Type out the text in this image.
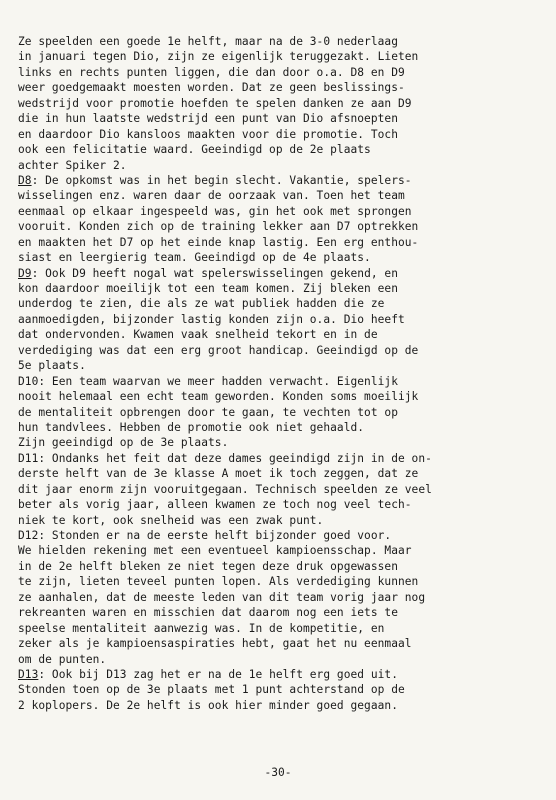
Ze speelden een goede 1e helft, maar na de 3-0 nederlaag
in januari tegen Dio, zijn ze eigenlijk teruggezakt. Lieten
links en rechts punten liggen, die dan door o.a. D8 en D9
weer goedgemaakt moesten worden. Dat ze geen beslissings-
wedstrijd voor promotie hoefden te spelen danken ze aan D9
die in hun laatste wedstrijd een punt van Dio afsnoepten
en daardoor Dio kansloos maakten voor die promotie. Toch
ook een felicitatie waard. Geeindigd op de 2e plaats
achter Spiker 2.
D8: De opkomst was in het begin slecht. Vakantie, spelers-
wisselingen enz. waren daar de oorzaak van. Toen het team
eenmaal op elkaar ingespeeld was, gin het ook met sprongen
vooruit. Konden zich op de training lekker aan D7 optrekken
en maakten het D7 op het einde knap lastig. Een erg enthou-
siast en leergierig team. Geeindigd op de 4e plaats.
D9: Ook D9 heeft nogal wat spelerswisselingen gekend, en
kon daardoor moeilijk tot een team komen. Zij bleken een
underdog te zien, die als ze wat publiek hadden die ze
aanmoedigden, bijzonder lastig konden zijn o.a. Dio heeft
dat ondervonden. Kwamen vaak snelheid tekort en in de
verdediging was dat een erg groot handicap. Geeindigd op de
5e plaats.
D10: Een team waarvan we meer hadden verwacht. Eigenlijk
nooit helemaal een echt team geworden. Konden soms moeilijk
de mentaliteit opbrengen door te gaan, te vechten tot op
hun tandvlees. Hebben de promotie ook niet gehaald.
Zijn geeindigd op de 3e plaats.
D11: Ondanks het feit dat deze dames geeindigd zijn in de on-
derste helft van de 3e klasse A moet ik toch zeggen, dat ze
dit jaar enorm zijn vooruitgegaan. Technisch speelden ze veel
beter als vorig jaar, alleen kwamen ze toch nog veel tech-
niek te kort, ook snelheid was een zwak punt.
D12: Stonden er na de eerste helft bijzonder goed voor.
We hielden rekening met een eventueel kampioensschap. Maar
in de 2e helft bleken ze niet tegen deze druk opgewassen
te zijn, lieten teveel punten lopen. Als verdediging kunnen
ze aanhalen, dat de meeste leden van dit team vorig jaar nog
rekreanten waren en misschien dat daarom nog een iets te
speelse mentaliteit aanwezig was. In de kompetitie, en
zeker als je kampioensaspiraties hebt, gaat het nu eenmaal
om de punten.
D13: Ook bij D13 zag het er na de 1e helft erg goed uit.
Stonden toen op de 3e plaats met 1 punt achterstand op de
2 koplopers. De 2e helft is ook hier minder goed gegaan.
-30-
